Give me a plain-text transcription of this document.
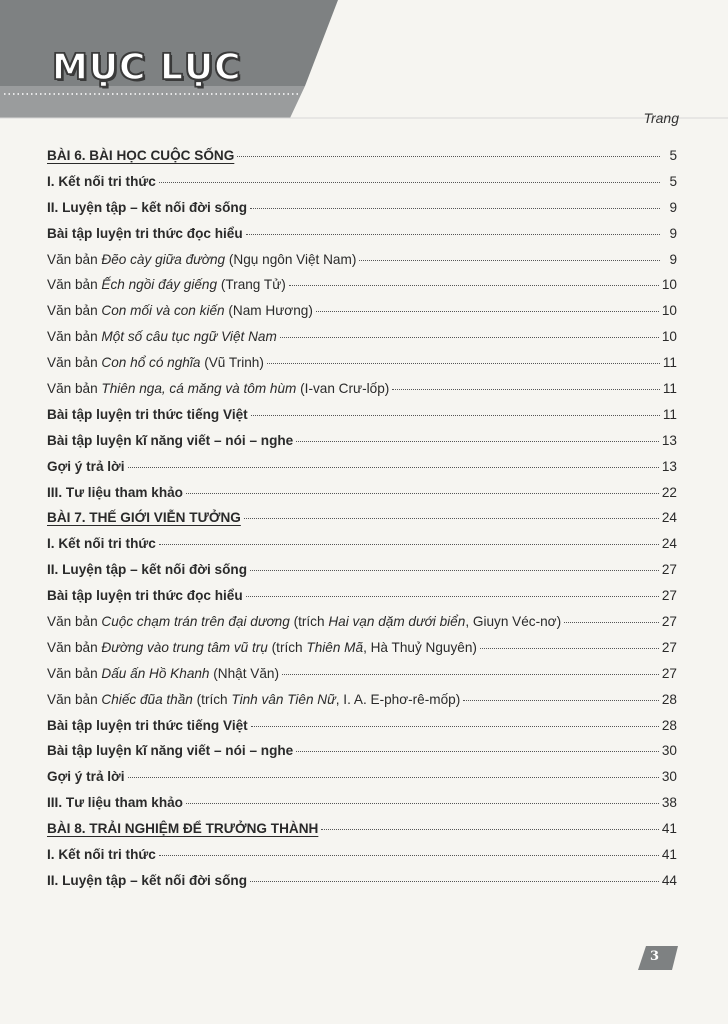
MỤC LỤC
Trang
BÀI 6. BÀI HỌC CUỘC SỐNG	5
I. Kết nối tri thức	5
II. Luyện tập – kết nối đời sống	9
Bài tập luyện tri thức đọc hiểu	9
Văn bản Đẽo cày giữa đường (Ngụ ngôn Việt Nam)	9
Văn bản Ếch ngồi đáy giếng (Trang Tử)	10
Văn bản Con mối và con kiến (Nam Hương)	10
Văn bản Một số câu tục ngữ Việt Nam	10
Văn bản Con hổ có nghĩa (Vũ Trinh)	11
Văn bản Thiên nga, cá măng và tôm hùm (I-van Crư-lốp)	11
Bài tập luyện tri thức tiếng Việt	11
Bài tập luyện kĩ năng viết – nói – nghe	13
Gợi ý trả lời	13
III. Tư liệu tham khảo	22
BÀI 7. THẾ GIỚI VIỄN TƯỞNG	24
I. Kết nối tri thức	24
II. Luyện tập – kết nối đời sống	27
Bài tập luyện tri thức đọc hiểu	27
Văn bản Cuộc chạm trán trên đại dương (trích Hai vạn dặm dưới biển, Giuyn Véc-nơ)	27
Văn bản Đường vào trung tâm vũ trụ (trích Thiên Mã, Hà Thuỷ Nguyên)	27
Văn bản Dấu ấn Hồ Khanh (Nhật Văn)	27
Văn bản Chiếc đũa thần (trích Tinh vân Tiên Nữ, I. A. E-phơ-rê-mốp)	28
Bài tập luyện tri thức tiếng Việt	28
Bài tập luyện kĩ năng viết – nói – nghe	30
Gợi ý trả lời	30
III. Tư liệu tham khảo	38
BÀI 8. TRẢI NGHIỆM ĐỂ TRƯỞNG THÀNH	41
I. Kết nối tri thức	41
II. Luyện tập – kết nối đời sống	44
3
